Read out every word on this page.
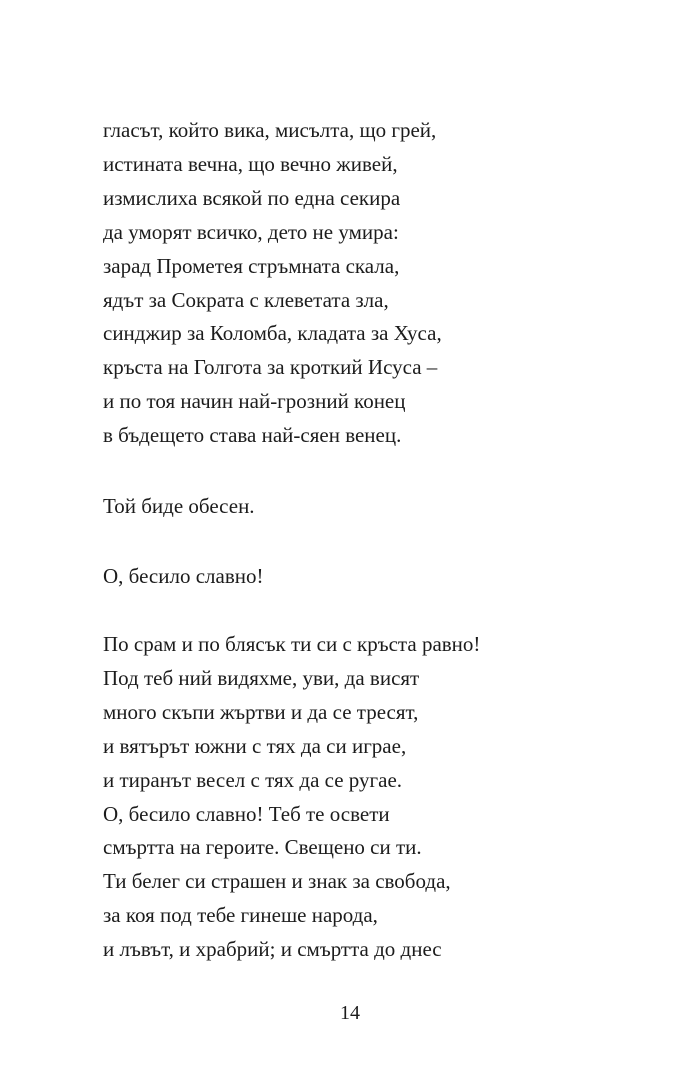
гласът, който вика, мисълта, що грей,
истината вечна, що вечно живей,
измислиха всякой по една секира
да уморят всичко, дето не умира:
зарад Прометея стръмната скала,
ядът за Сократа с клеветата зла,
синджир за Коломба, кладата за Хуса,
кръста на Голгота за кроткий Исуса –
и по тоя начин най-грозний конец
в бъдещето става най-сяен венец.
Той биде обесен.
О, бесило славно!
По срам и по блясък ти си с кръста равно!
Под теб ний видяхме, уви, да висят
много скъпи жъртви и да се тресят,
и вятърът южни с тях да си играе,
и тиранът весел с тях да се ругае.
О, бесило славно! Теб те освети
смъртта на героите. Свещено си ти.
Ти белег си страшен и знак за свобода,
за коя под тебе гинеше народа,
и лъвът, и храбрий; и смъртта до днес
14
